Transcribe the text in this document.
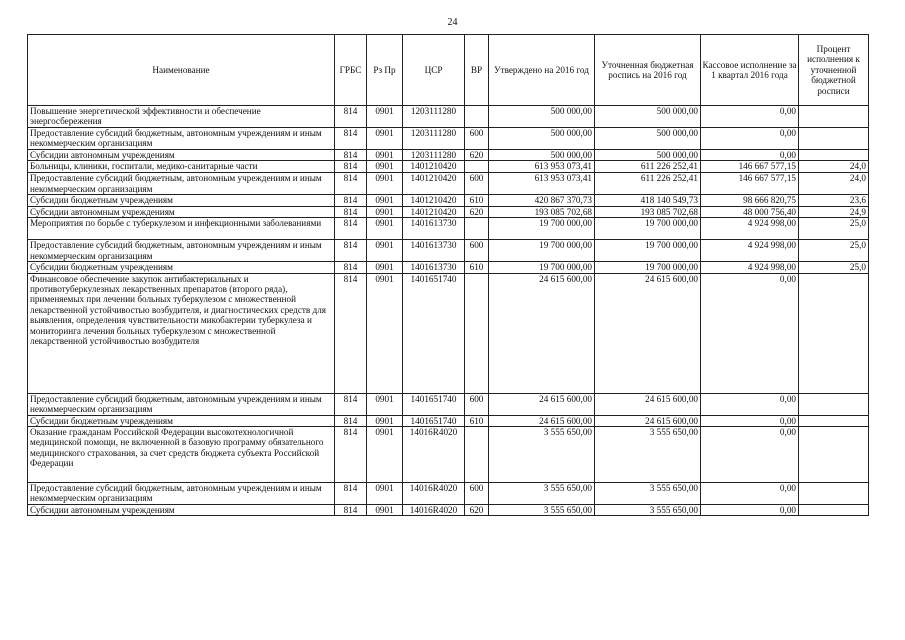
24
Наименование	ГРБС	Рз Пр	ЦСР	ВР	Утверждено на 2016 год	Уточненная бюджетная роспись на 2016 год	Кассовое исполнение за 1 квартал 2016 года	Процент исполнения к уточненной бюджетной росписи
Повышение энергетической эффективности и обеспечение энергосбережения	814	0901	1203111280		500 000,00	500 000,00	0,00	
Предоставление субсидий бюджетным, автономным учреждениям и иным некоммерческим организациям	814	0901	1203111280	600	500 000,00	500 000,00	0,00	
Субсидии автономным учреждениям	814	0901	1203111280	620	500 000,00	500 000,00	0,00	
Больницы, клиники, госпитали, медико-санитарные части	814	0901	1401210420		613 953 073,41	611 226 252,41	146 667 577,15	24,0
Предоставление субсидий бюджетным, автономным учреждениям и иным некоммерческим организациям	814	0901	1401210420	600	613 953 073,41	611 226 252,41	146 667 577,15	24,0
Субсидии бюджетным учреждениям	814	0901	1401210420	610	420 867 370,73	418 140 549,73	98 666 820,75	23,6
Субсидии автономным учреждениям	814	0901	1401210420	620	193 085 702,68	193 085 702,68	48 000 756,40	24,9
Мероприятия по борьбе с туберкулезом и инфекционными заболеваниями	814	0901	1401613730		19 700 000,00	19 700 000,00	4 924 998,00	25,0
Предоставление субсидий бюджетным, автономным учреждениям и иным некоммерческим организациям	814	0901	1401613730	600	19 700 000,00	19 700 000,00	4 924 998,00	25,0
Субсидии бюджетным учреждениям	814	0901	1401613730	610	19 700 000,00	19 700 000,00	4 924 998,00	25,0
Финансовое обеспечение закупок антибактериальных и противотуберкулезных лекарственных препаратов (второго ряда), применяемых при лечении больных туберкулезом с множественной лекарственной устойчивостью возбудителя, и диагностических средств для выявления, определения чувствительности микобактерии туберкулеза и мониторинга лечения больных туберкулезом с множественной лекарственной устойчивостью возбудителя	814	0901	1401651740		24 615 600,00	24 615 600,00	0,00	
Предоставление субсидий бюджетным, автономным учреждениям и иным некоммерческим организациям	814	0901	1401651740	600	24 615 600,00	24 615 600,00	0,00	
Субсидии бюджетным учреждениям	814	0901	1401651740	610	24 615 600,00	24 615 600,00	0,00	
Оказание гражданам Российской Федерации высокотехнологичной медицинской помощи, не включенной в базовую программу обязательного медицинского страхования, за счет средств бюджета субъекта Российской Федерации	814	0901	14016R4020		3 555 650,00	3 555 650,00	0,00	
Предоставление субсидий бюджетным, автономным учреждениям и иным некоммерческим организациям	814	0901	14016R4020	600	3 555 650,00	3 555 650,00	0,00	
Субсидии автономным учреждениям	814	0901	14016R4020	620	3 555 650,00	3 555 650,00	0,00	
